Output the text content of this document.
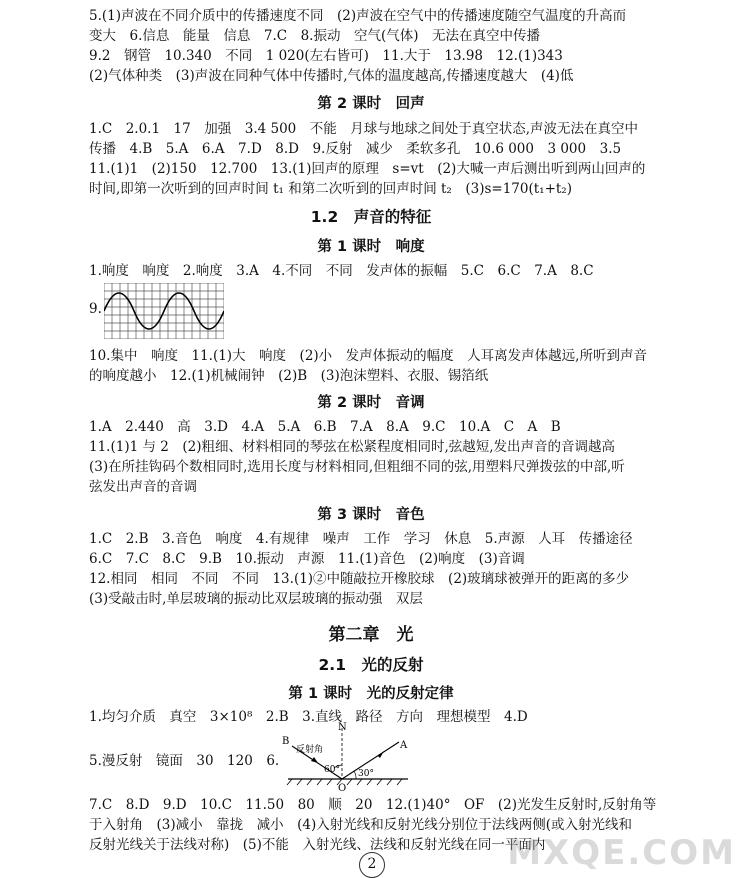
5.(1)声波在不同介质中的传播速度不同　(2)声波在空气中的传播速度随空气温度的升高而
变大　6.信息　能量　信息　7.C　8.振动　空气(气体)　无法在真空中传播
9.2　钢管　10.340　不同　1 020(左右皆可)　11.大于　13.98　12.(1)343
(2)气体种类　(3)声波在同种气体中传播时,气体的温度越高,传播速度越大　(4)低
第 2 课时　回声
1.C　2.0.1　17　加强　3.4 500　不能　月球与地球之间处于真空状态,声波无法在真空中
传播　4.B　5.A　6.A　7.D　8.D　9.反射　减少　柔软多孔　10.6 000　3 000　3.5
11.(1)1　(2)150　12.700　13.(1)回声的原理　s=vt　(2)大喊一声后测出听到两山回声的
时间,即第一次听到的回声时间 t₁ 和第二次听到的回声时间 t₂　(3)s=170(t₁+t₂)
1.2　声音的特征
第 1 课时　响度
1.响度　响度　2.响度　3.A　4.不同　不同　发声体的振幅　5.C　6.C　7.A　8.C
9.
10.集中　响度　11.(1)大　响度　(2)小　发声体振动的幅度　人耳离发声体越远,所听到声音
的响度越小　12.(1)机械闹钟　(2)B　(3)泡沫塑料、衣服、锡箔纸
第 2 课时　音调
1.A　2.440　高　3.D　4.A　5.A　6.B　7.A　8.A　9.C　10.A　C　A　B
11.(1)1 与 2　(2)粗细、材料相同的琴弦在松紧程度相同时,弦越短,发出声音的音调越高
(3)在所挂钩码个数相同时,选用长度与材料相同,但粗细不同的弦,用塑料尺弹拨弦的中部,听
弦发出声音的音调
第 3 课时　音色
1.C　2.B　3.音色　响度　4.有规律　噪声　工作　学习　休息　5.声源　人耳　传播途径
6.C　7.C　8.C　9.B　10.振动　声源　11.(1)音色　(2)响度　(3)音调
12.相同　相同　不同　不同　13.(1)②中随敲拉开橡胶球　(2)玻璃球被弹开的距离的多少
(3)受敲击时,单层玻璃的振动比双层玻璃的振动强　双层
第二章　光
2.1　光的反射
第 1 课时　光的反射定律
1.均匀介质　真空　3×10⁸　2.B　3.直线　路径　方向　理想模型　4.D
5.漫反射　镜面　30　120　6.
N
B	A
O
反射角
60° 30°
7.C　8.D　9.D　10.C　11.50　80　顺　20　12.(1)40°　OF　(2)光发生反射时,反射角等
于入射角　(3)减小　靠拢　减小　(4)入射光线和反射光线分别位于法线两侧(或入射光线和
反射光线关于法线对称)　(5)不能　入射光线、法线和反射光线在同一平面内
2	MXQE.COM
